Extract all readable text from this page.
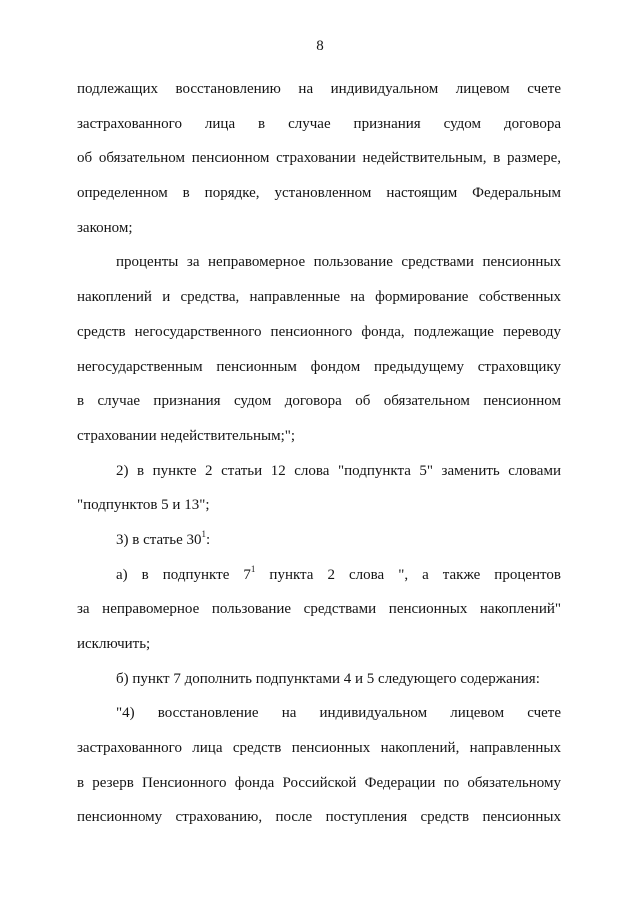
8
подлежащих восстановлению на индивидуальном лицевом счете
застрахованного лица в случае признания судом договора
об обязательном пенсионном страховании недействительным, в размере,
определенном в порядке, установленном настоящим Федеральным
законом;
проценты за неправомерное пользование средствами пенсионных
накоплений и средства, направленные на формирование собственных
средств негосударственного пенсионного фонда, подлежащие переводу
негосударственным пенсионным фондом предыдущему страховщику
в случае признания судом договора об обязательном пенсионном
страховании недействительным;";
2) в пункте 2 статьи 12 слова "подпункта 5" заменить словами
"подпунктов 5 и 13";
3) в статье $30^1$:
а) в подпункте $7^1$ пункта 2 слова ", а также процентов
за неправомерное пользование средствами пенсионных накоплений"
исключить;
б) пункт 7 дополнить подпунктами 4 и 5 следующего содержания:
"4) восстановление на индивидуальном лицевом счете
застрахованного лица средств пенсионных накоплений, направленных
в резерв Пенсионного фонда Российской Федерации по обязательному
пенсионному страхованию, после поступления средств пенсионных
